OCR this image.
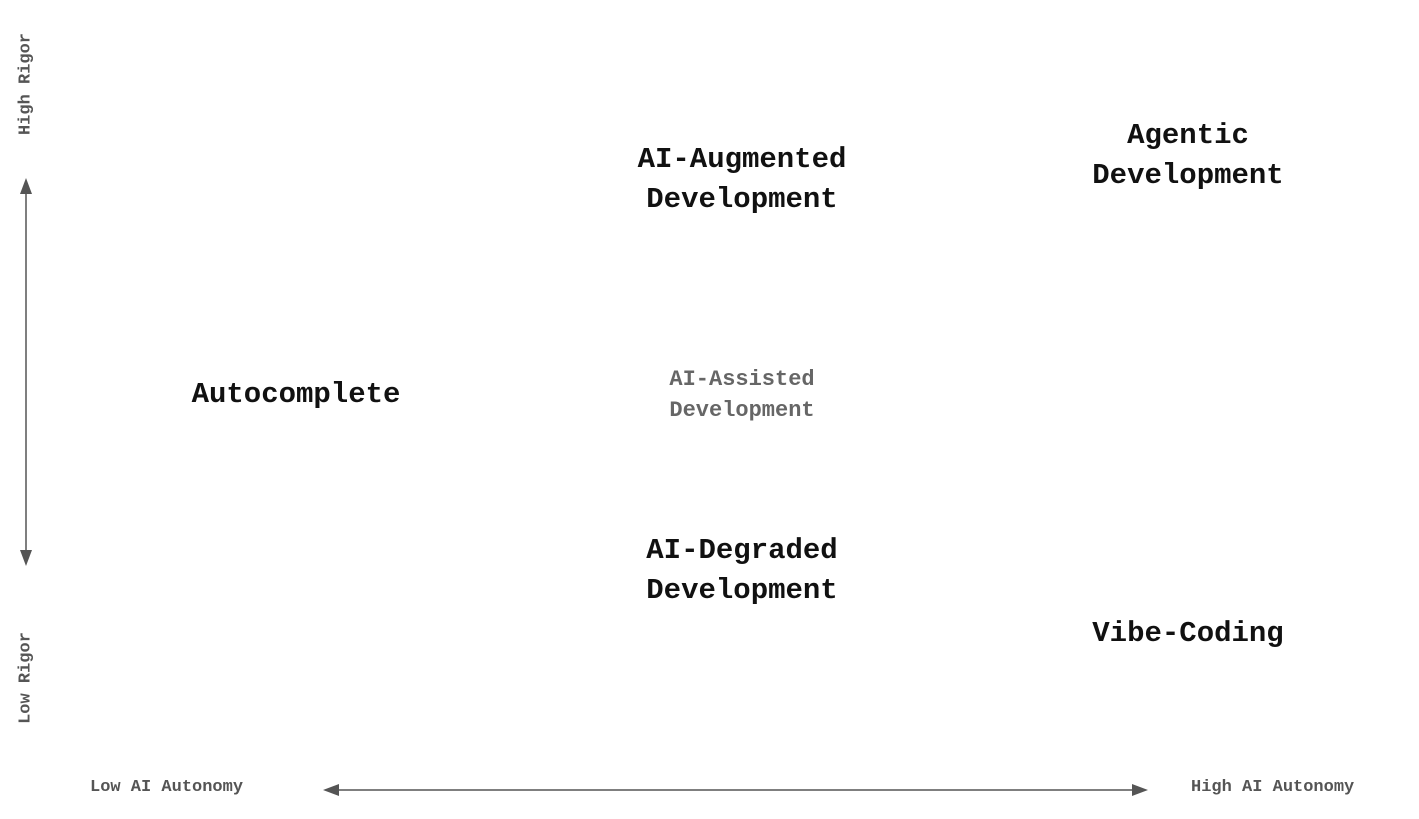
High Rigor
Low Rigor
Low AI Autonomy	High AI Autonomy
AI-Augmented
Development
Agentic
Development
Autocomplete	AI-Assisted
Development
AI-Degraded
Development
Vibe-Coding
